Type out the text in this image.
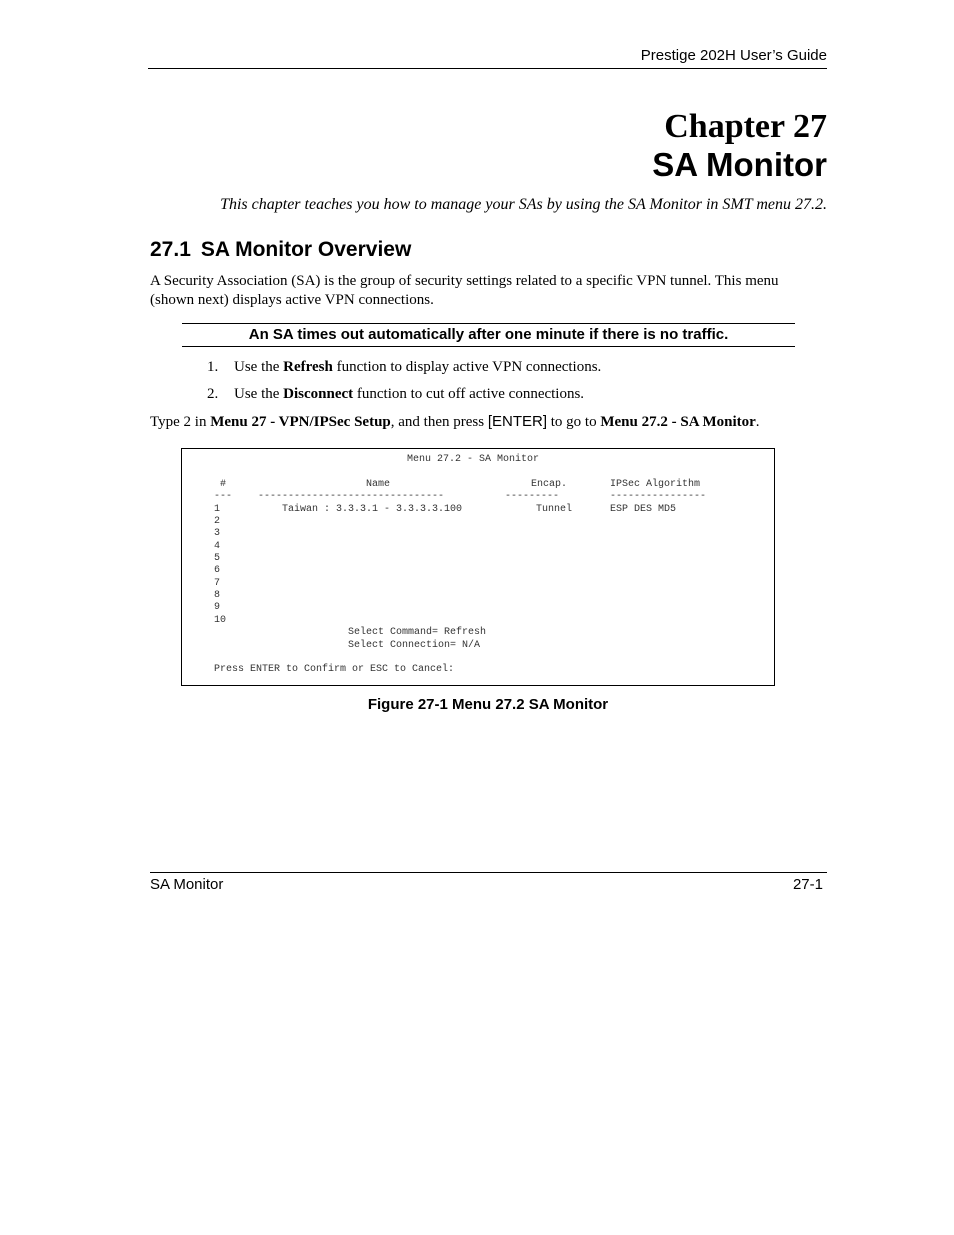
Prestige 202H User’s Guide
Chapter 27
SA Monitor
This chapter teaches you how to manage your SAs by using the SA Monitor in SMT menu 27.2.
27.1 SA Monitor Overview
A Security Association (SA) is the group of security settings related to a specific VPN tunnel. This menu (shown next) displays active VPN connections.
An SA times out automatically after one minute if there is no traffic.
1. Use the Refresh function to display active VPN connections.
2. Use the Disconnect function to cut off active connections.
Type 2 in Menu 27 - VPN/IPSec Setup, and then press [ENTER] to go to Menu 27.2 - SA Monitor.
Menu 27.2 - SA Monitor
#	Name	Encap.	IPSec Algorithm
---	-------------------------------	---------	----------------
1	Taiwan : 3.3.3.1 - 3.3.3.3.100	Tunnel	ESP DES MD5
2
3
4
5
6
7
8
9
10
Select Command= Refresh
Select Connection= N/A
Press ENTER to Confirm or ESC to Cancel:
Figure 27-1 Menu 27.2 SA Monitor
SA Monitor	27-1
